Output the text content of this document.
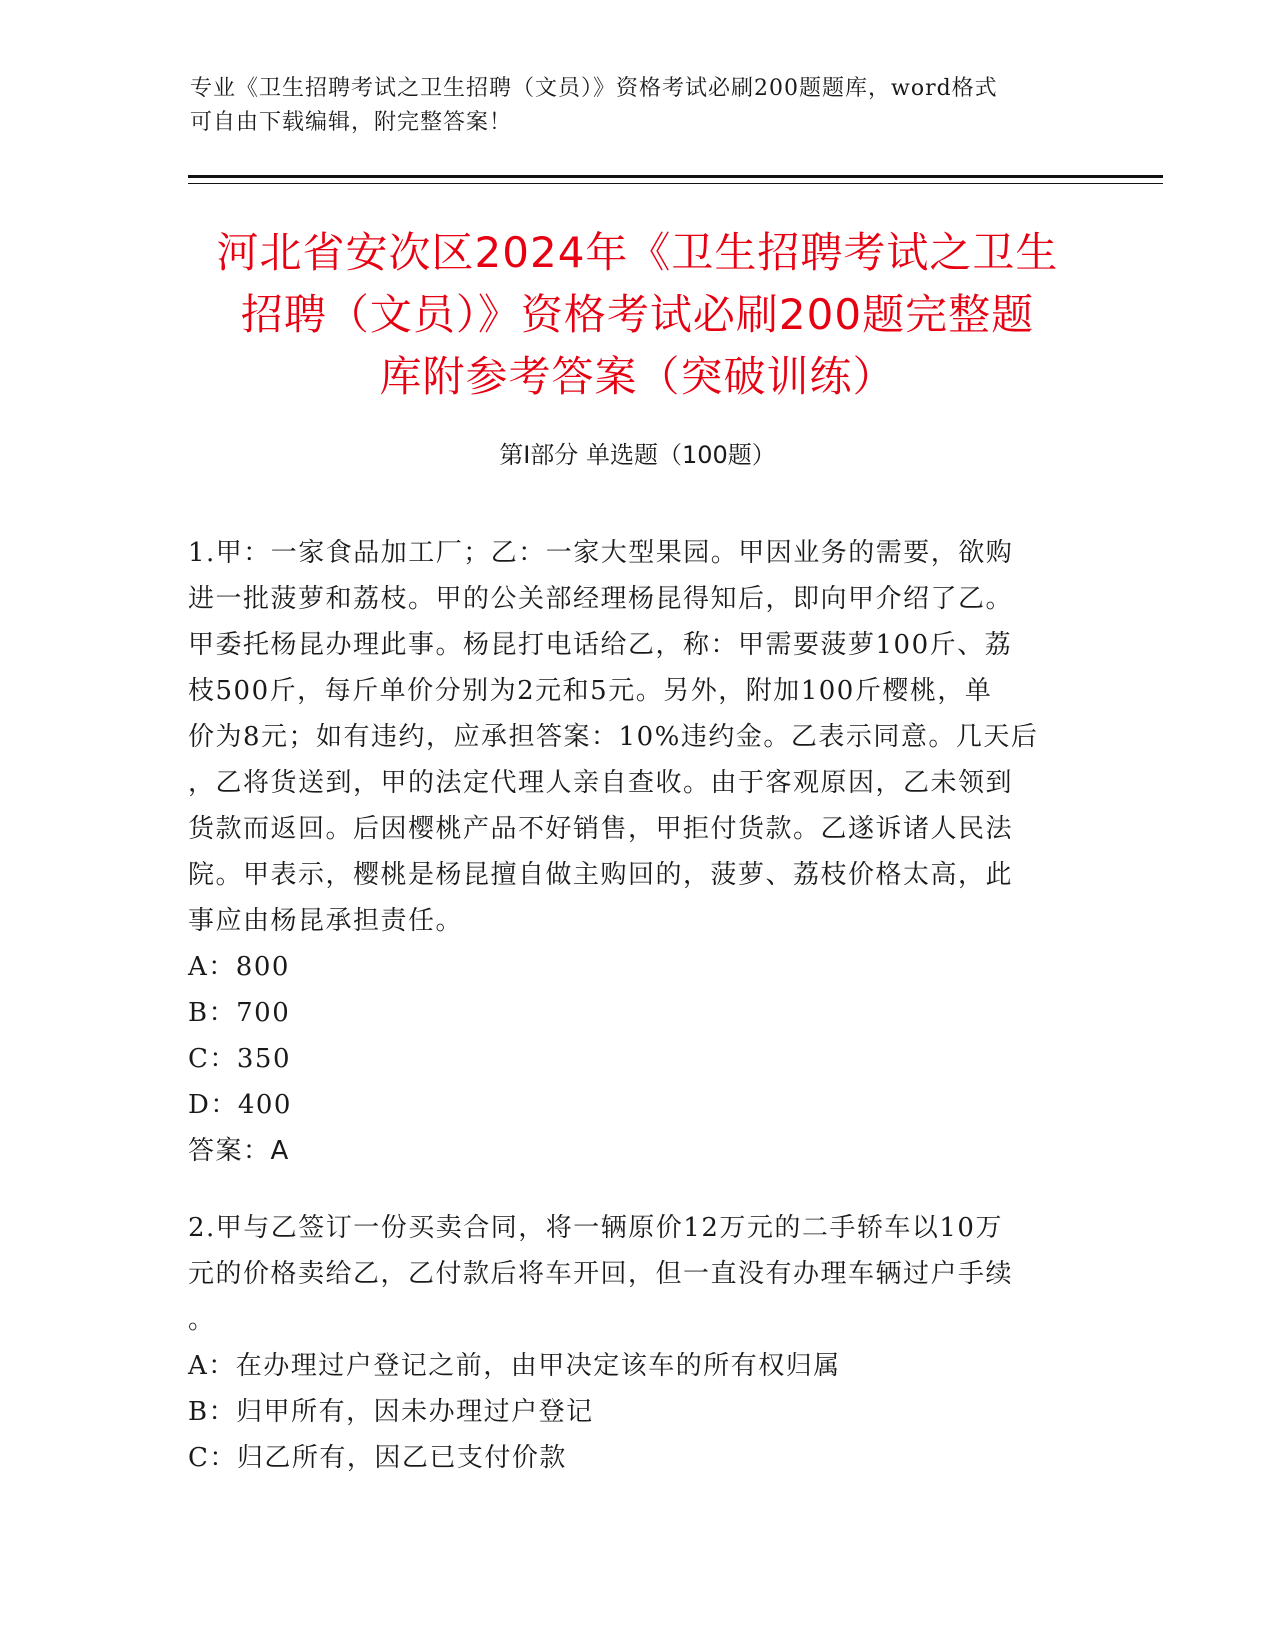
专业《卫生招聘考试之卫生招聘（文员）》资格考试必刷200题题库，word格式
可自由下载编辑，附完整答案！
河北省安次区2024年《卫生招聘考试之卫生
招聘（文员）》资格考试必刷200题完整题
库附参考答案（突破训练）
第Ⅰ部分 单选题（100题）
1.甲：一家食品加工厂；乙：一家大型果园。甲因业务的需要，欲购
进一批菠萝和荔枝。甲的公关部经理杨昆得知后，即向甲介绍了乙。
甲委托杨昆办理此事。杨昆打电话给乙，称：甲需要菠萝100斤、荔
枝500斤，每斤单价分别为2元和5元。另外，附加100斤樱桃，单
价为8元；如有违约，应承担答案：10%违约金。乙表示同意。几天后
，乙将货送到，甲的法定代理人亲自查收。由于客观原因，乙未领到
货款而返回。后因樱桃产品不好销售，甲拒付货款。乙遂诉诸人民法
院。甲表示，樱桃是杨昆擅自做主购回的，菠萝、荔枝价格太高，此
事应由杨昆承担责任。
A：800
B：700
C：350
D：400
答案：A
2.甲与乙签订一份买卖合同，将一辆原价12万元的二手轿车以10万
元的价格卖给乙，乙付款后将车开回，但一直没有办理车辆过户手续
。
A：在办理过户登记之前，由甲决定该车的所有权归属
B：归甲所有，因未办理过户登记
C：归乙所有，因乙已支付价款
